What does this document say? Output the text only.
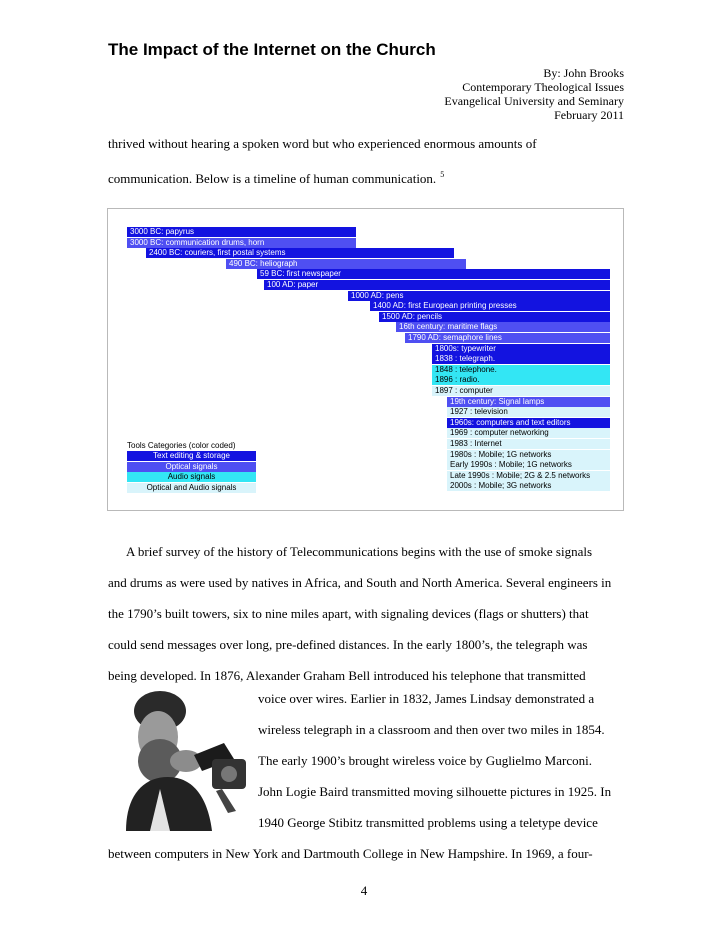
The Impact of the Internet on the Church
By: John Brooks
Contemporary Theological Issues
Evangelical University and Seminary
February 2011

thrived without hearing a spoken word but who experienced enormous amounts of

communication. Below is a timeline of human communication. $^5$

3000 BC: papyrus
3000 BC: communication drums, horn
2400 BC: couriers, first postal systems
490 BC: heliograph
59 BC: first newspaper
100 AD: paper
1000 AD: pens
1400 AD: first European printing presses
1500 AD: pencils
16th century: maritime flags
1790 AD: semaphore lines
1800s: typewriter
1838 : telegraph.
1848 : telephone.
1896 : radio.
1897 : computer
19th century: Signal lamps
1927 : television
1960s: computers and text editors
1969 : computer networking
1983 : Internet
1980s : Mobile; 1G networks
Early 1990s : Mobile; 1G networks
Late 1990s : Mobile; 2G & 2.5 networks
2000s : Mobile; 3G networks
Tools Categories (color coded)
Text editing & storage
Optical signals
Audio signals
Optical and Audio signals

A brief survey of the history of Telecommunications begins with the use of smoke signals

and drums as were used by natives in Africa, and South and North America. Several engineers in

the 1790’s built towers, six to nine miles apart, with signaling devices (flags or shutters) that

could send messages over long, pre-defined distances. In the early 1800’s, the telegraph was

being developed. In 1876, Alexander Graham Bell introduced his telephone that transmitted

voice over wires. Earlier in 1832, James Lindsay demonstrated a

wireless telegraph in a classroom and then over two miles in 1854.

The early 1900’s brought wireless voice by Guglielmo Marconi.

John Logie Baird transmitted moving silhouette pictures in 1925. In

1940 George Stibitz transmitted problems using a teletype device

between computers in New York and Dartmouth College in New Hampshire. In 1969, a four-

4
